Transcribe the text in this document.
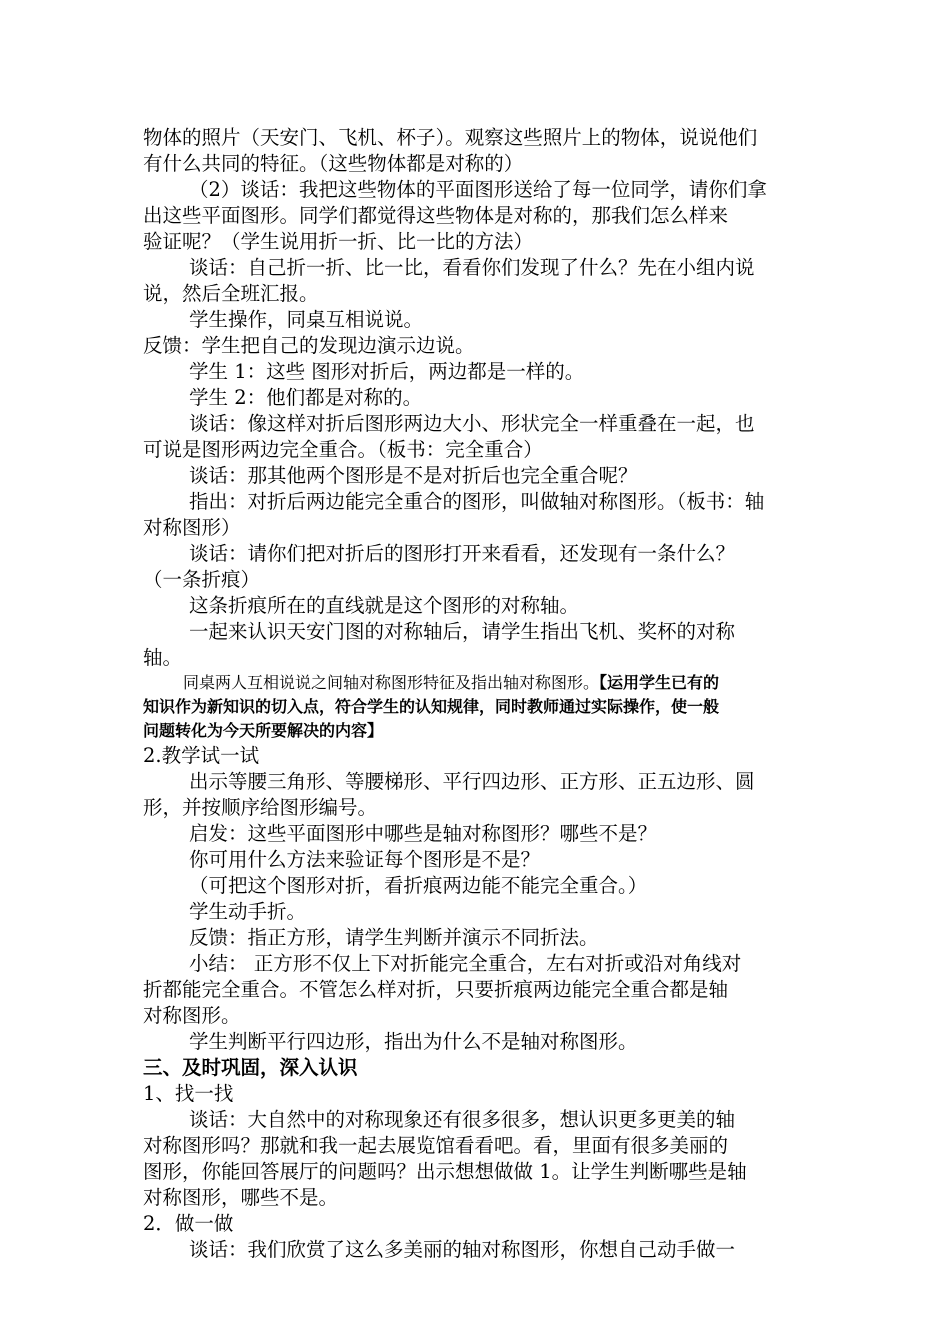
物体的照片（天安门、飞机、杯子）。观察这些照片上的物体，说说他们
有什么共同的特征。（这些物体都是对称的）
（2）谈话：我把这些物体的平面图形送给了每一位同学，请你们拿
出这些平面图形。同学们都觉得这些物体是对称的，那我们怎么样来
验证呢？（学生说用折一折、比一比的方法）
谈话：自己折一折、比一比，看看你们发现了什么？先在小组内说
说，然后全班汇报。
学生操作，同桌互相说说。
反馈：学生把自己的发现边演示边说。
学生 1：这些 图形对折后，两边都是一样的。
学生 2：他们都是对称的。
谈话：像这样对折后图形两边大小、形状完全一样重叠在一起，也
可说是图形两边完全重合。（板书：完全重合）
谈话：那其他两个图形是不是对折后也完全重合呢？
指出：对折后两边能完全重合的图形，叫做轴对称图形。（板书：轴
对称图形）
谈话：请你们把对折后的图形打开来看看，还发现有一条什么？
（一条折痕）
这条折痕所在的直线就是这个图形的对称轴。
一起来认识天安门图的对称轴后，请学生指出飞机、奖杯的对称
轴。
同桌两人互相说说之间轴对称图形特征及指出轴对称图形。【运用学生已有的
知识作为新知识的切入点，符合学生的认知规律，同时教师通过实际操作，使一般
问题转化为今天所要解决的内容】
2.教学试一试
出示等腰三角形、等腰梯形、平行四边形、正方形、正五边形、圆
形，并按顺序给图形编号。
启发：这些平面图形中哪些是轴对称图形？哪些不是？
你可用什么方法来验证每个图形是不是？
（可把这个图形对折，看折痕两边能不能完全重合。）
学生动手折。
反馈：指正方形，请学生判断并演示不同折法。
小结： 正方形不仅上下对折能完全重合，左右对折或沿对角线对
折都能完全重合。不管怎么样对折，只要折痕两边能完全重合都是轴
对称图形。
学生判断平行四边形，指出为什么不是轴对称图形。
三、及时巩固，深入认识
1、找一找
谈话：大自然中的对称现象还有很多很多，想认识更多更美的轴
对称图形吗？那就和我一起去展览馆看看吧。看，里面有很多美丽的
图形，你能回答展厅的问题吗？出示想想做做 1。让学生判断哪些是轴
对称图形，哪些不是。
2．做一做
谈话：我们欣赏了这么多美丽的轴对称图形，你想自己动手做一
